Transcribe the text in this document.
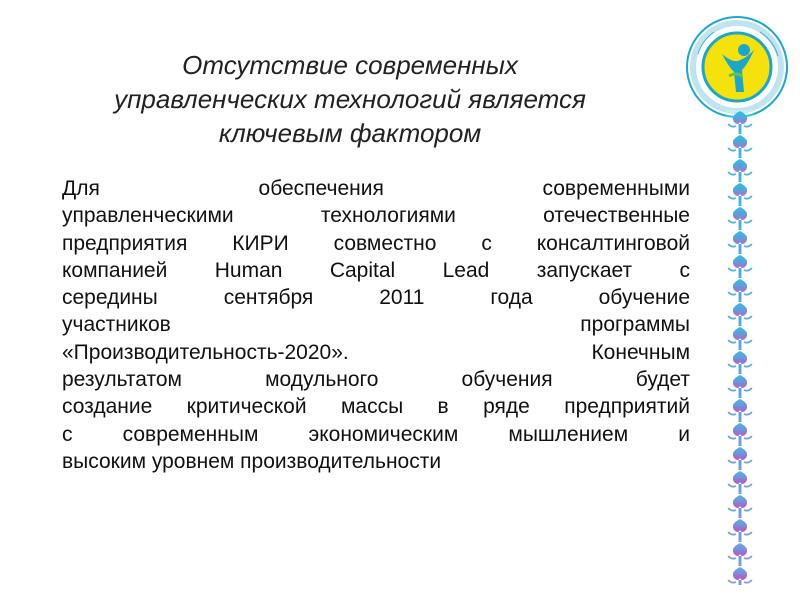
Отсутствие современных
управленческих технологий является
ключевым фактором
Для обеспечения современными
управленческими технологиями отечественные
предприятия КИРИ совместно с консалтинговой
компанией Human Capital Lead запускает с
середины сентября 2011 года обучение
участников программы
«Производительность-2020». Конечным
результатом модульного обучения будет
создание критической массы в ряде предприятий
с современным экономическим мышлением и
высоким уровнем производительности
